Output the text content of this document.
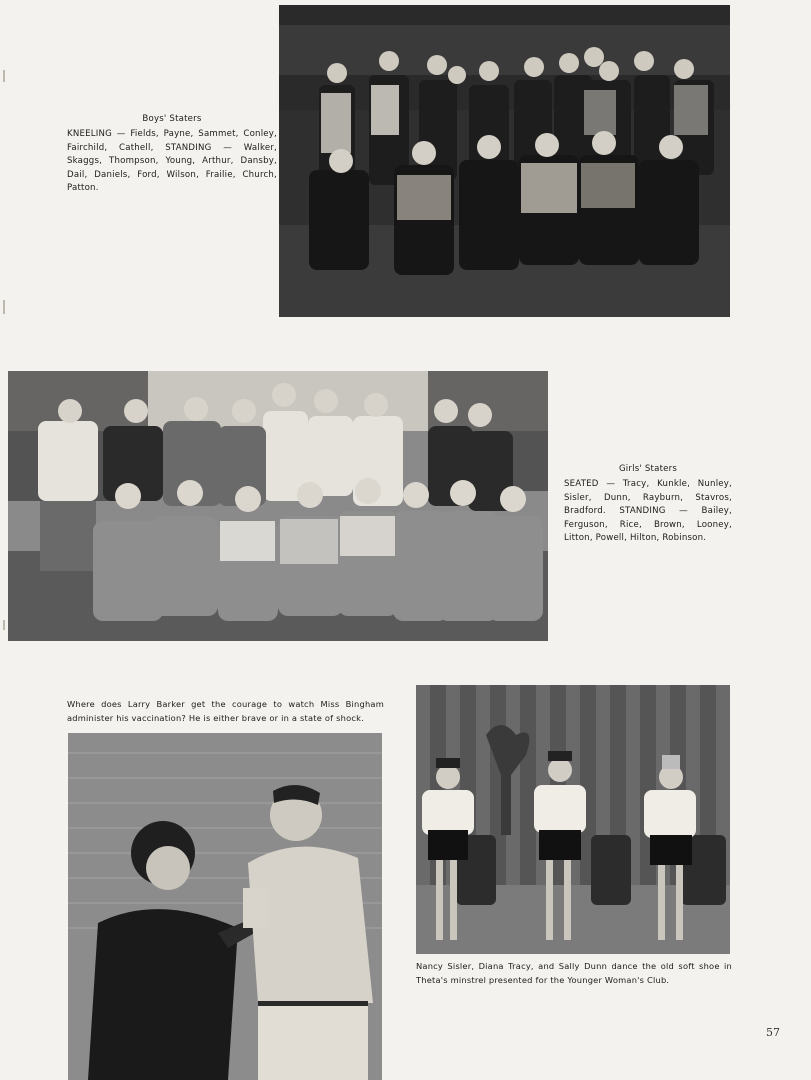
Boys' Staters
KNEELING — Fields, Payne, Sammet, Conley, Fairchild, Cathell, STANDING — Walker, Skaggs, Thompson, Young, Arthur, Dansby, Dail, Daniels, Ford, Wilson, Frailie, Church, Patton.
Girls' Staters
SEATED — Tracy, Kunkle, Nunley, Sisler, Dunn, Rayburn, Stavros, Bradford. STANDING — Bailey, Ferguson, Rice, Brown, Looney, Litton, Powell, Hilton, Robinson.
Where does Larry Barker get the courage to watch Miss Bingham administer his vaccination? He is either brave or in a state of shock.
Nancy Sisler, Diana Tracy, and Sally Dunn dance the old soft shoe in Theta's minstrel presented for the Younger Woman's Club.
57
